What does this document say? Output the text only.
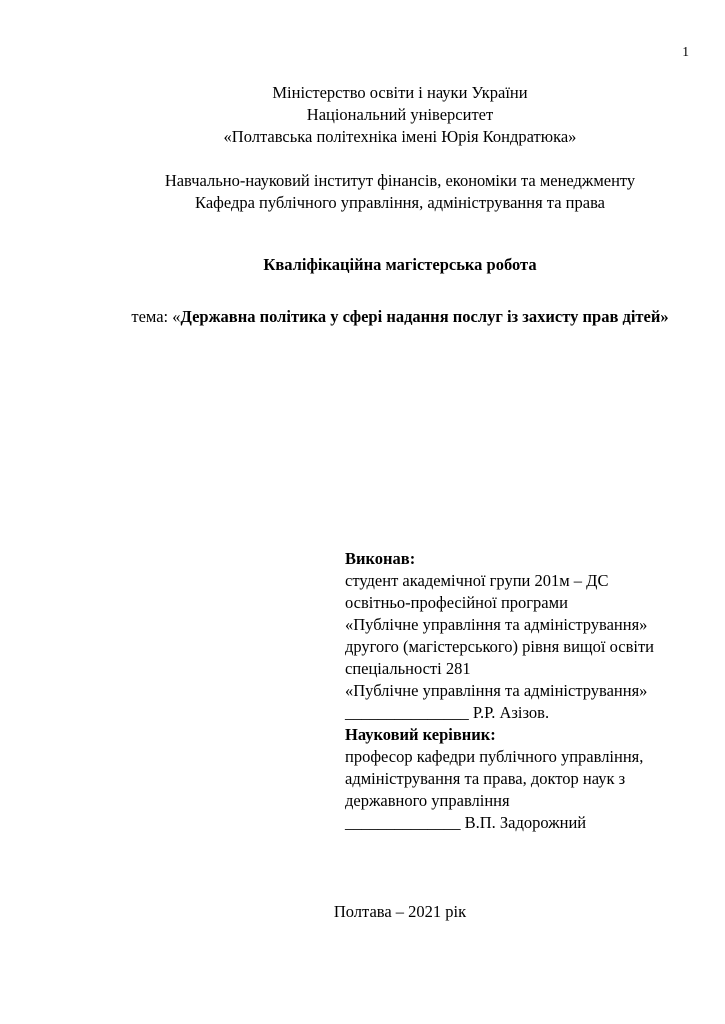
1

Міністерство освіти і науки України

Національний університет

«Полтавська політехніка імені Юрія Кондратюка»

Навчально-науковий інститут фінансів, економіки та менеджменту

Кафедра публічного управління, адміністрування та права

Кваліфікаційна магістерська робота
тема: «Державна політика у сфері надання послуг із захисту прав дітей»

Виконав:

студент академічної групи 201м – ДС

освітньо-професійної програми

«Публічне управління та адміністрування»

другого (магістерського) рівня вищої освіти

спеціальності 281

«Публічне управління та адміністрування»

_______________ Р.Р. Азізов.

Науковий керівник:

професор кафедри публічного управління,

адміністрування та права, доктор наук з

державного управління

______________ В.П. Задорожний

Полтава – 2021 рік
